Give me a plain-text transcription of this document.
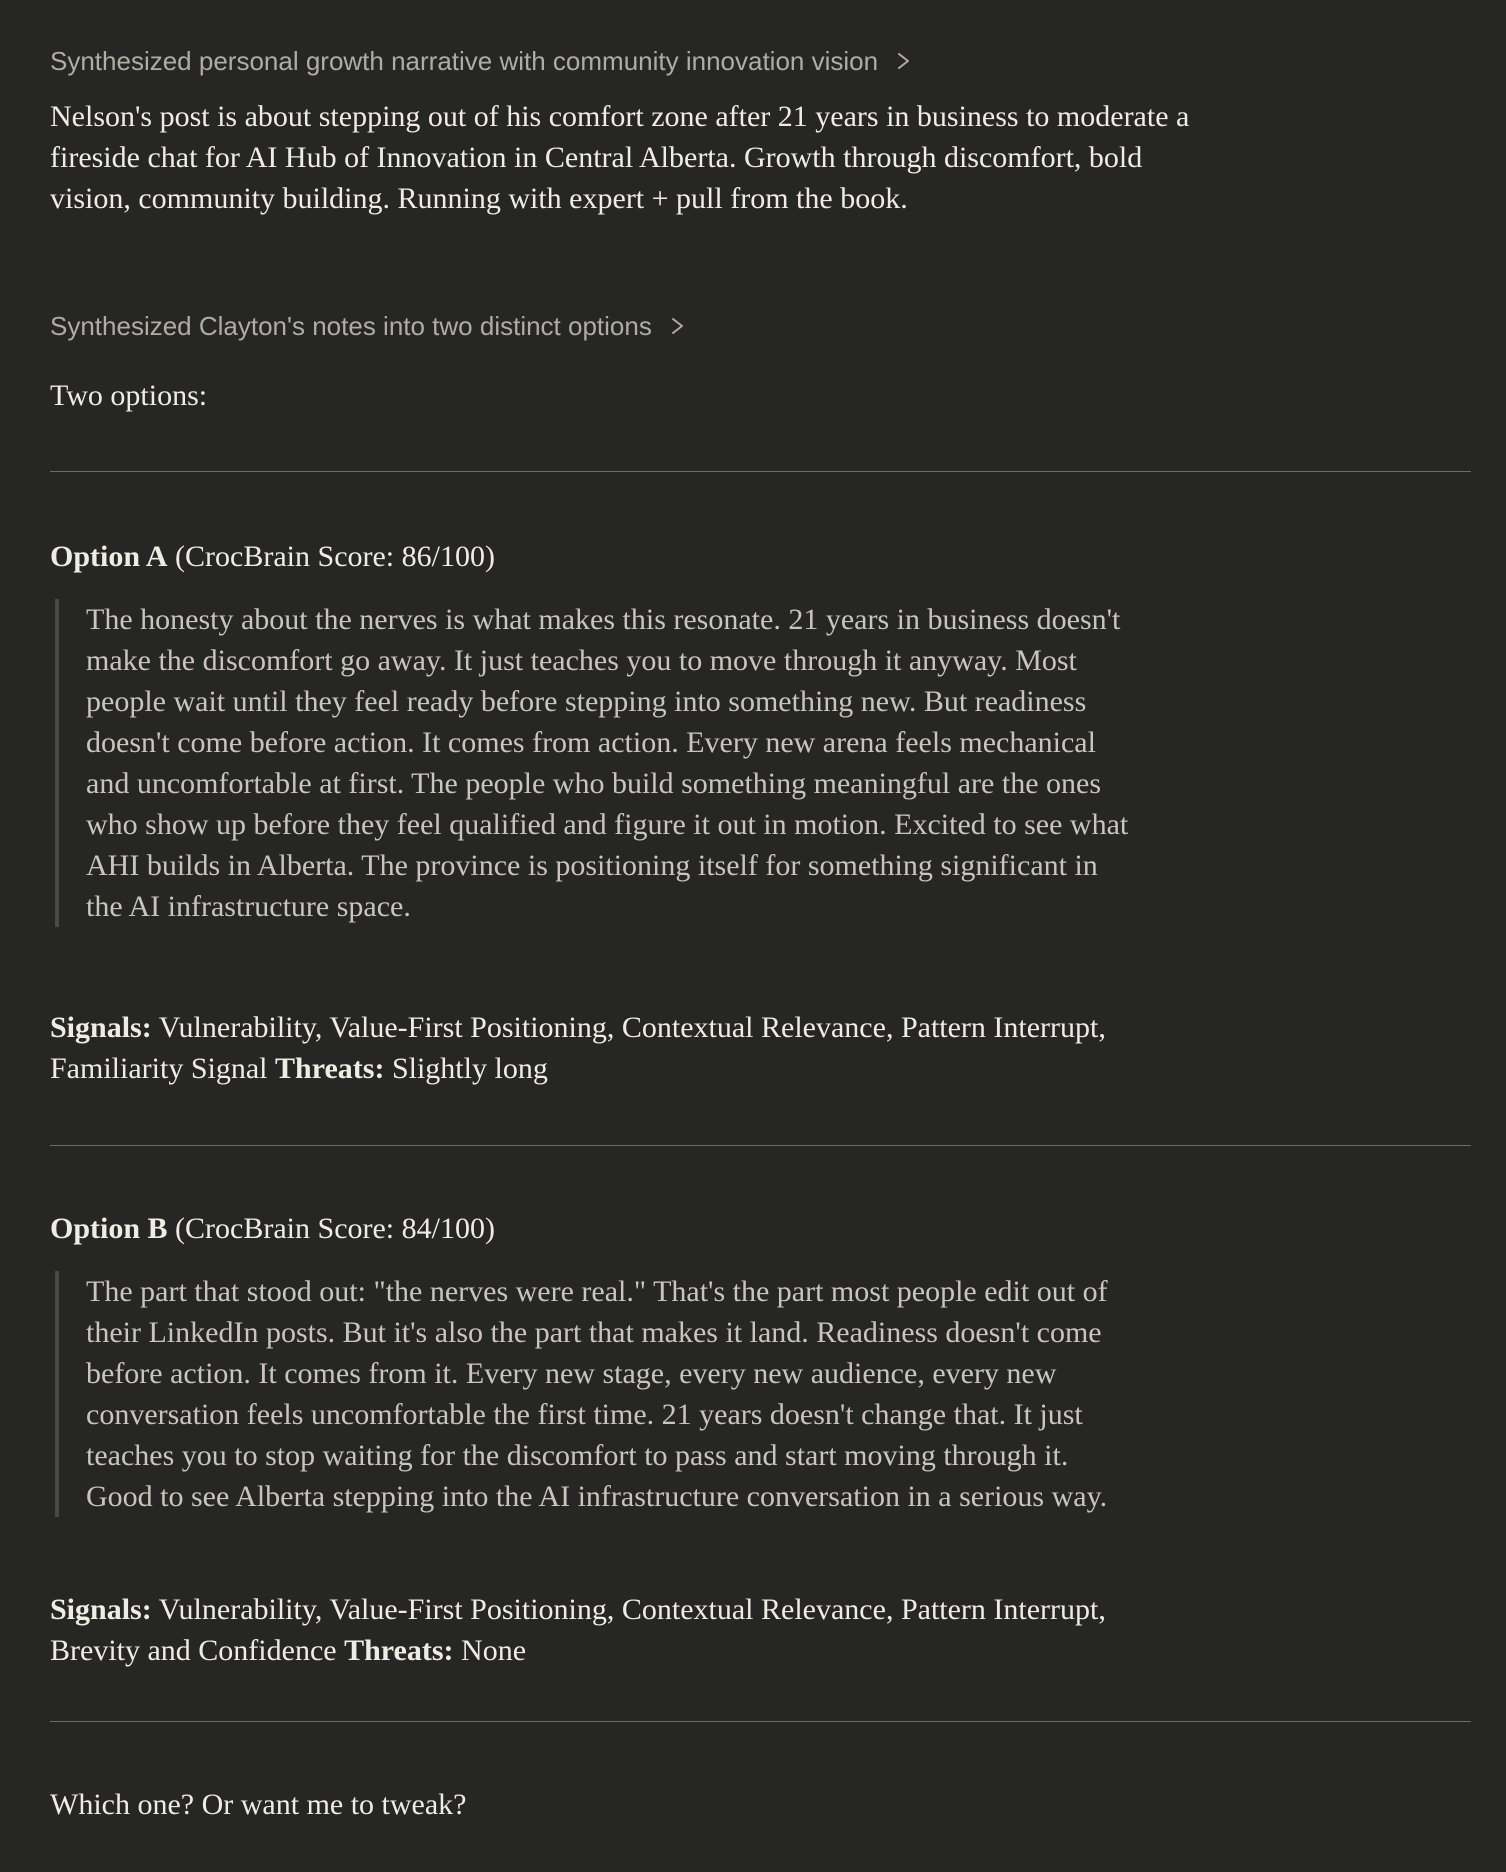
Synthesized personal growth narrative with community innovation vision

Nelson's post is about stepping out of his comfort zone after 21 years in business to moderate a fireside chat for AI Hub of Innovation in Central Alberta. Growth through discomfort, bold vision, community building. Running with expert + pull from the book.

Synthesized Clayton's notes into two distinct options

Two options:

Option A (CrocBrain Score: 86/100)

The honesty about the nerves is what makes this resonate. 21 years in business doesn't make the discomfort go away. It just teaches you to move through it anyway. Most people wait until they feel ready before stepping into something new. But readiness doesn't come before action. It comes from action. Every new arena feels mechanical and uncomfortable at first. The people who build something meaningful are the ones who show up before they feel qualified and figure it out in motion. Excited to see what AHI builds in Alberta. The province is positioning itself for something significant in the AI infrastructure space.

Signals: Vulnerability, Value-First Positioning, Contextual Relevance, Pattern Interrupt, Familiarity Signal Threats: Slightly long

Option B (CrocBrain Score: 84/100)

The part that stood out: "the nerves were real." That's the part most people edit out of their LinkedIn posts. But it's also the part that makes it land. Readiness doesn't come before action. It comes from it. Every new stage, every new audience, every new conversation feels uncomfortable the first time. 21 years doesn't change that. It just teaches you to stop waiting for the discomfort to pass and start moving through it. Good to see Alberta stepping into the AI infrastructure conversation in a serious way.

Signals: Vulnerability, Value-First Positioning, Contextual Relevance, Pattern Interrupt, Brevity and Confidence Threats: None

Which one? Or want me to tweak?
